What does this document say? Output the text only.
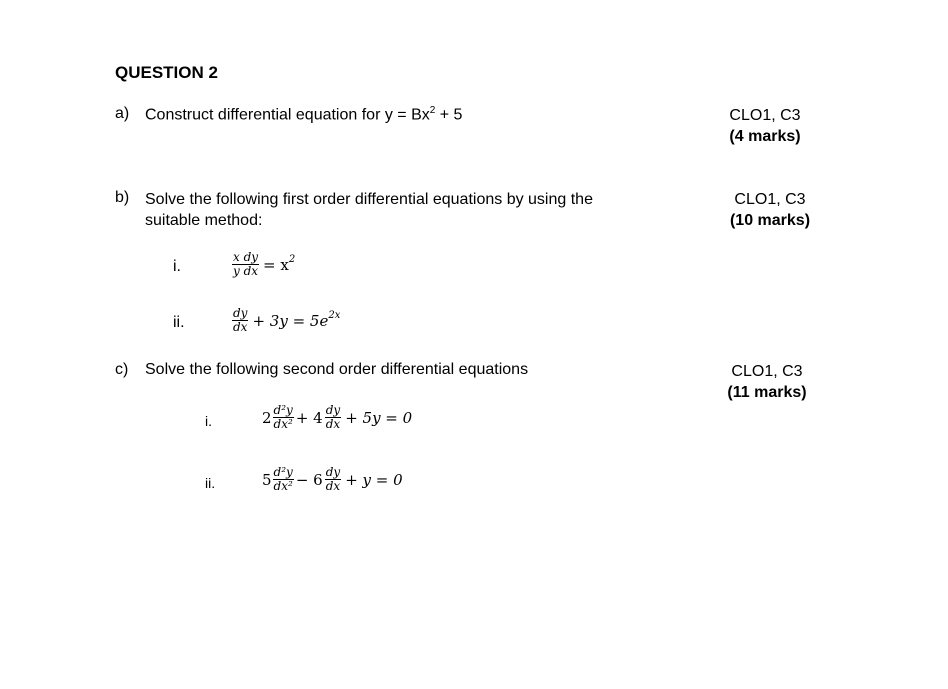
QUESTION 2
a) Construct differential equation for $y = Bx^2 + 5$	CLO1, C3
(4 marks)
b) Solve the following first order differential equations by using the
suitable method:
CLO1, C3
(10 marks)
i.	$\frac{\text{x dy}}{\text{y dx}} = x^2$
ii.	$\frac{dy}{dx} + 3y = 5e^{2x}$
c) Solve the following second order differential equations	CLO1, C3
(11 marks)
i.	$2 \frac{\text{d²y}}{\text{dx²}} + 4 \frac{dy}{dx} + 5y = 0$
ii.	$5 \frac{\text{d²y}}{\text{dx²}} - 6 \frac{dy}{dx} + y = 0$
